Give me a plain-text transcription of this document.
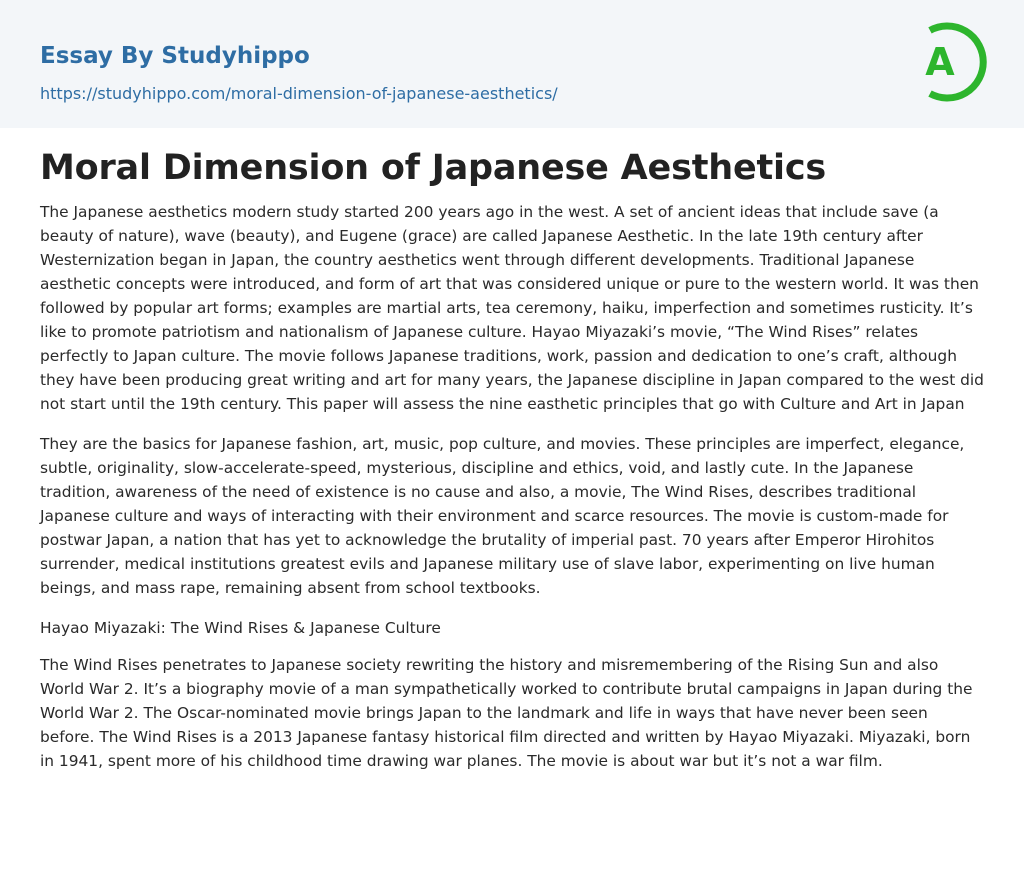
Essay By Studyhippo
https://studyhippo.com/moral-dimension-of-japanese-aesthetics/
A
Moral Dimension of Japanese Aesthetics

The Japanese aesthetics modern study started 200 years ago in the west. A set of ancient ideas that include save (a beauty of nature), wave (beauty), and Eugene (grace) are called Japanese Aesthetic. In the late 19th century after Westernization began in Japan, the country aesthetics went through different developments. Traditional Japanese aesthetic concepts were introduced, and form of art that was considered unique or pure to the western world. It was then followed by popular art forms; examples are martial arts, tea ceremony, haiku, imperfection and sometimes rusticity. It’s like to promote patriotism and nationalism of Japanese culture. Hayao Miyazaki’s movie, “The Wind Rises” relates perfectly to Japan culture. The movie follows Japanese traditions, work, passion and dedication to one’s craft, although they have been producing great writing and art for many years, the Japanese discipline in Japan compared to the west did not start until the 19th century. This paper will assess the nine easthetic principles that go with Culture and Art in Japan

They are the basics for Japanese fashion, art, music, pop culture, and movies. These principles are imperfect, elegance, subtle, originality, slow-accelerate-speed, mysterious, discipline and ethics, void, and lastly cute. In the Japanese tradition, awareness of the need of existence is no cause and also, a movie, The Wind Rises, describes traditional Japanese culture and ways of interacting with their environment and scarce resources. The movie is custom-made for postwar Japan, a nation that has yet to acknowledge the brutality of imperial past. 70 years after Emperor Hirohitos surrender, medical institutions greatest evils and Japanese military use of slave labor, experimenting on live human beings, and mass rape, remaining absent from school textbooks.

Hayao Miyazaki: The Wind Rises & Japanese Culture

The Wind Rises penetrates to Japanese society rewriting the history and misremembering of the Rising Sun and also World War 2. It’s a biography movie of a man sympathetically worked to contribute brutal campaigns in Japan during the World War 2. The Oscar-nominated movie brings Japan to the landmark and life in ways that have never been seen before. The Wind Rises is a 2013 Japanese fantasy historical film directed and written by Hayao Miyazaki. Miyazaki, born in 1941, spent more of his childhood time drawing war planes. The movie is about war but it’s not a war film.
